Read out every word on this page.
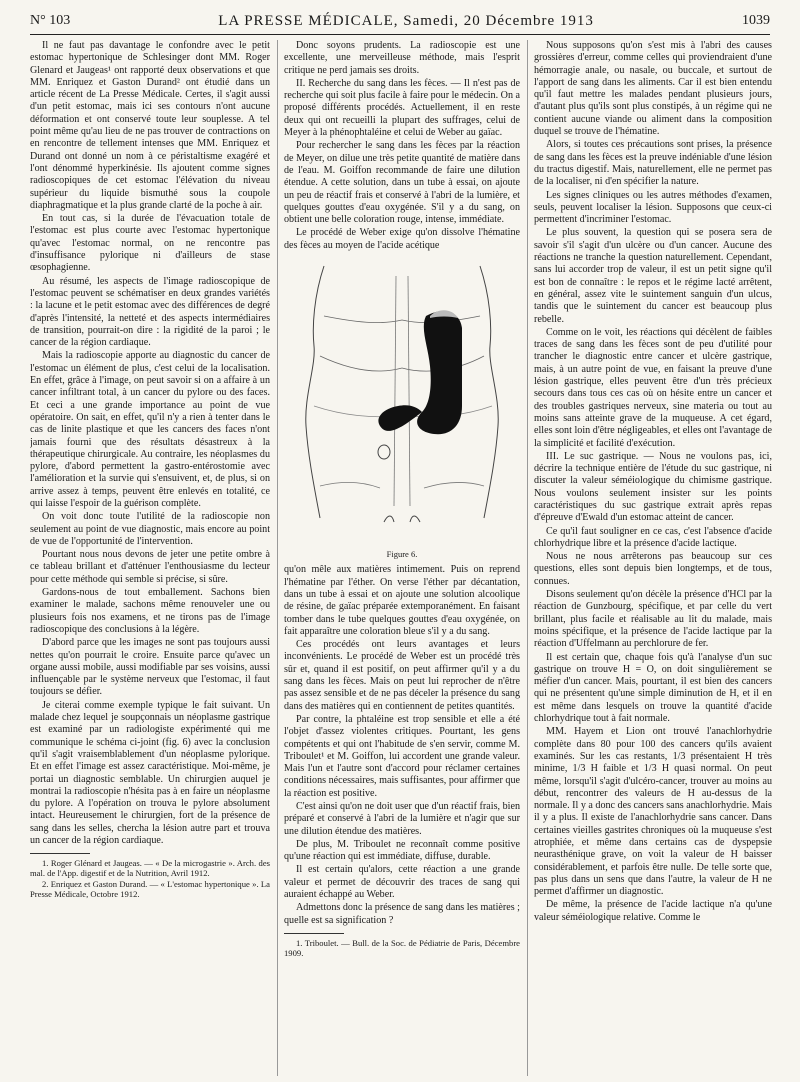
N° 103	LA PRESSE MÉDICALE, Samedi, 20 Décembre 1913	1039

Il ne faut pas davantage le confondre avec le petit estomac hypertonique de Schlesinger dont MM. Roger Glenard et Jaugeas¹ ont rapporté deux observations et que MM. Enriquez et Gaston Durand² ont étudié dans un article récent de La Presse Médicale. Certes, il s'agit aussi d'un petit estomac, mais ici ses contours n'ont aucune déformation et ont conservé toute leur souplesse. A tel point même qu'au lieu de ne pas trouver de contractions on en rencontre de tellement intenses que MM. Enriquez et Durand ont donné un nom à ce péristaltisme exagéré et l'ont dénommé hyperkinésie. Ils ajoutent comme signes radioscopiques de cet estomac l'élévation du niveau supérieur du liquide bismuthé sous la coupole diaphragmatique et la plus grande clarté de la poche à air.

En tout cas, si la durée de l'évacuation totale de l'estomac est plus courte avec l'estomac hypertonique qu'avec l'estomac normal, on ne rencontre pas d'insuffisance pylorique ni d'ailleurs de stase œsophagienne.

Au résumé, les aspects de l'image radioscopique de l'estomac peuvent se schématiser en deux grandes variétés : la lacune et le petit estomac avec des différences de degré d'après l'intensité, la netteté et des aspects intermédiaires de transition, pourrait-on dire : la rigidité de la paroi ; le cancer de la région cardiaque.

Mais la radioscopie apporte au diagnostic du cancer de l'estomac un élément de plus, c'est celui de la localisation. En effet, grâce à l'image, on peut savoir si on a affaire à un cancer infiltrant total, à un cancer du pylore ou des faces. Et ceci a une grande importance au point de vue opératoire. On sait, en effet, qu'il n'y a rien à tenter dans le cas de linite plastique et que les cancers des faces n'ont jamais fourni que des résultats désastreux à la thérapeutique chirurgicale. Au contraire, les néoplasmes du pylore, d'abord permettent la gastro-entérostomie avec l'amélioration et la survie qui s'ensuivent, et, de plus, si on arrive assez à temps, peuvent être enlevés en totalité, ce qui laisse l'espoir de la guérison complète.

On voit donc toute l'utilité de la radioscopie non seulement au point de vue diagnostic, mais encore au point de vue de l'opportunité de l'intervention.

Pourtant nous nous devons de jeter une petite ombre à ce tableau brillant et d'atténuer l'enthousiasme du lecteur pour cette méthode qui semble si précise, si sûre.

Gardons-nous de tout emballement. Sachons bien examiner le malade, sachons même renouveler une ou plusieurs fois nos examens, et ne tirons pas de l'image radioscopique des conclusions à la légère.

D'abord parce que les images ne sont pas toujours aussi nettes qu'on pourrait le croire. Ensuite parce qu'avec un organe aussi mobile, aussi modifiable par ses voisins, aussi influençable par le système nerveux que l'estomac, il faut toujours se défier.

Je citerai comme exemple typique le fait suivant. Un malade chez lequel je soupçonnais un néoplasme gastrique est examiné par un radiologiste expérimenté qui me communique le schéma ci-joint (fig. 6) avec la conclusion qu'il s'agit vraisemblablement d'un néoplasme pylorique. Et en effet l'image est assez caractéristique. Moi-même, je portai un diagnostic semblable. Un chirurgien auquel je montrai la radioscopie n'hésita pas à en faire un néoplasme du pylore. A l'opération on trouva le pylore absolument intact. Heureusement le chirurgien, fort de la présence de sang dans les selles, chercha la lésion autre part et trouva un cancer de la région cardiaque.

1. Roger Glénard et Jaugeas. — « De la microgastrie ». Arch. des mal. de l'App. digestif et de la Nutrition, Avril 1912.

2. Enriquez et Gaston Durand. — « L'estomac hypertonique ». La Presse Médicale, Octobre 1912.

Donc soyons prudents. La radioscopie est une excellente, une merveilleuse méthode, mais l'esprit critique ne perd jamais ses droits.

II. Recherche du sang dans les fèces. — Il n'est pas de recherche qui soit plus facile à faire pour le médecin. On a proposé différents procédés. Actuellement, il en reste deux qui ont recueilli la plupart des suffrages, celui de Meyer à la phénophtaléine et celui de Weber au gaïac.

Pour rechercher le sang dans les fèces par la réaction de Meyer, on dilue une très petite quantité de matière dans de l'eau. M. Goiffon recommande de faire une dilution étendue. A cette solution, dans un tube à essai, on ajoute un peu de réactif frais et conservé à l'abri de la lumière, et quelques gouttes d'eau oxygénée. S'il y a du sang, on obtient une belle coloration rouge, intense, immédiate.

Le procédé de Weber exige qu'on dissolve l'hématine des fèces au moyen de l'acide acétique

Figure 6.

qu'on mêle aux matières intimement. Puis on reprend l'hématine par l'éther. On verse l'éther par décantation, dans un tube à essai et on ajoute une solution alcoolique de résine, de gaïac préparée extemporanément. En faisant tomber dans le tube quelques gouttes d'eau oxygénée, on fait apparaître une coloration bleue s'il y a du sang.

Ces procédés ont leurs avantages et leurs inconvénients. Le procédé de Weber est un procédé très sûr et, quand il est positif, on peut affirmer qu'il y a du sang dans les fèces. Mais on peut lui reprocher de n'être pas assez sensible et de ne pas déceler la présence du sang dans des matières qui en contiennent de petites quantités.

Par contre, la phtaléine est trop sensible et elle a été l'objet d'assez violentes critiques. Pourtant, les gens compétents et qui ont l'habitude de s'en servir, comme M. Triboulet¹ et M. Goiffon, lui accordent une grande valeur. Mais l'un et l'autre sont d'accord pour réclamer certaines conditions nécessaires, mais suffisantes, pour affirmer que la réaction est positive.

C'est ainsi qu'on ne doit user que d'un réactif frais, bien préparé et conservé à l'abri de la lumière et n'agir que sur une dilution étendue des matières.

De plus, M. Triboulet ne reconnaît comme positive qu'une réaction qui est immédiate, diffuse, durable.

Il est certain qu'alors, cette réaction a une grande valeur et permet de découvrir des traces de sang qui auraient échappé au Weber.

Admettons donc la présence de sang dans les matières ; quelle est sa signification ?

1. Triboulet. — Bull. de la Soc. de Pédiatrie de Paris, Décembre 1909.

Nous supposons qu'on s'est mis à l'abri des causes grossières d'erreur, comme celles qui proviendraient d'une hémorragie anale, ou nasale, ou buccale, et surtout de l'apport de sang dans les aliments. Car il est bien entendu qu'il faut mettre les malades pendant plusieurs jours, d'autant plus qu'ils sont plus constipés, à un régime qui ne contient aucune viande ou aliment dans la composition duquel se trouve de l'hématine.

Alors, si toutes ces précautions sont prises, la présence de sang dans les fèces est la preuve indéniable d'une lésion du tractus digestif. Mais, naturellement, elle ne permet pas de la localiser, ni d'en spécifier la nature.

Les signes cliniques ou les autres méthodes d'examen, seuls, peuvent localiser la lésion. Supposons que ceux-ci permettent d'incriminer l'estomac.

Le plus souvent, la question qui se posera sera de savoir s'il s'agit d'un ulcère ou d'un cancer. Aucune des réactions ne tranche la question naturellement. Cependant, sans lui accorder trop de valeur, il est un petit signe qu'il est bon de connaître : le repos et le régime lacté arrêtent, en général, assez vite le suintement sanguin d'un ulcus, tandis que le suintement du cancer est beaucoup plus rebelle.

Comme on le voit, les réactions qui décèlent de faibles traces de sang dans les fèces sont de peu d'utilité pour trancher le diagnostic entre cancer et ulcère gastrique, mais, à un autre point de vue, en faisant la preuve d'une lésion gastrique, elles peuvent être d'un très précieux secours dans tous ces cas où on hésite entre un cancer et des troubles gastriques nerveux, sine materia ou tout au moins sans atteinte grave de la muqueuse. A cet égard, elles sont loin d'être négligeables, et elles ont l'avantage de la simplicité et facilité d'exécution.

III. Le suc gastrique. — Nous ne voulons pas, ici, décrire la technique entière de l'étude du suc gastrique, ni discuter la valeur séméiologique du chimisme gastrique. Nous voulons seulement insister sur les points caractéristiques du suc gastrique extrait après repas d'épreuve d'Ewald d'un estomac atteint de cancer.

Ce qu'il faut souligner en ce cas, c'est l'absence d'acide chlorhydrique libre et la présence d'acide lactique.

Nous ne nous arrêterons pas beaucoup sur ces questions, elles sont depuis bien longtemps, et de tous, connues.

Disons seulement qu'on décèle la présence d'HCl par la réaction de Gunzbourg, spécifique, et par celle du vert brillant, plus facile et réalisable au lit du malade, mais moins spécifique, et la présence de l'acide lactique par la réaction d'Uffelmann au perchlorure de fer.

Il est certain que, chaque fois qu'à l'analyse d'un suc gastrique on trouve H = O, on doit singulièrement se méfier d'un cancer. Mais, pourtant, il est bien des cancers qui ne présentent qu'une simple diminution de H, et il en est même dans lesquels on trouve la quantité d'acide chlorhydrique tout à fait normale.

MM. Hayem et Lion ont trouvé l'anachlorhydrie complète dans 80 pour 100 des cancers qu'ils avaient examinés. Sur les cas restants, 1/3 présentaient H très minime, 1/3 H faible et 1/3 H quasi normal. On peut même, lorsqu'il s'agit d'ulcéro-cancer, trouver au moins au début, rencontrer des valeurs de H au-dessus de la normale. Il y a donc des cancers sans anachlorhydrie. Mais il y a plus. Il existe de l'anachlorhydrie sans cancer. Dans certaines vieilles gastrites chroniques où la muqueuse s'est atrophiée, et même dans certains cas de dyspepsie neurasthénique grave, on voit la valeur de H baisser considérablement, et parfois être nulle. De telle sorte que, pas plus dans un sens que dans l'autre, la valeur de H ne permet d'affirmer un diagnostic.

De même, la présence de l'acide lactique n'a qu'une valeur séméiologique relative. Comme le
